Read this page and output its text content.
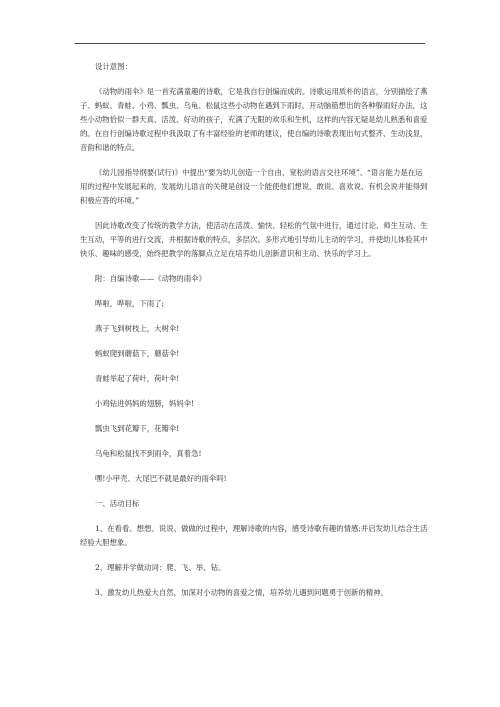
设计意图：

《动物的雨伞》是一首充满童趣的诗歌，它是我自行创编而成的。诗歌运用质朴的语言，分别描绘了燕子、蚂蚁、青蛙、小鸡、瓢虫、乌龟、松鼠这些小动物在遇到下雨时，开动脑筋想出的各种躲雨好办法，这些小动物恰似一群天真、活泼、好动的孩子，充满了无限的欢乐和生机，这样的内容无疑是幼儿熟悉和喜爱的。在自行创编诗歌过程中我汲取了有丰富经验的老师的建议，使自编的诗歌表现出句式整齐、生动浅显，音韵和谐的特点。

《幼儿园指导纲要(试行)》中提出“要为幼儿创造一个自由、宽松的语言交往环境”、“语言能力是在运用的过程中发展起来的，发展幼儿语言的关键是创设一个能使他们想说、敢说、喜欢说、有机会说并能得到积极应答的环境。”

因此诗歌改变了传统的教学方法，使活动在活泼、愉快、轻松的气氛中进行，通过讨论、师生互动、生生互动，平等的进行交流，并根据诗歌的特点，多层次、多形式地引导幼儿主动的学习，并使幼儿体验其中快乐、趣味的感受，始终把教学的落脚点立足在培养幼儿创新意识和主动、快乐的学习上。

附：自编诗歌——《动物的雨伞》

哗啦，哗啦，下雨了;

燕子飞到树枝上，大树伞!

蚂蚁爬到蘑菇下，蘑菇伞!

青蛙举起了荷叶，荷叶伞!

小鸡钻进妈妈的翅膀，妈妈伞!

瓢虫飞到花瓣下，花瓣伞!

乌龟和松鼠找不到雨伞，真着急!

嘿!小甲壳、大尾巴不就是最好的雨伞吗!

一、活动目标

1、在看看、想想、说说、做做的过程中，理解诗歌的内容，感受诗歌有趣的情感;并启发幼儿结合生活经验大胆想象。

2、理解并学做动词：爬、飞、举、钻。

3、激发幼儿热爱大自然，加深对小动物的喜爱之情，培养幼儿遇到问题勇于创新的精神。
